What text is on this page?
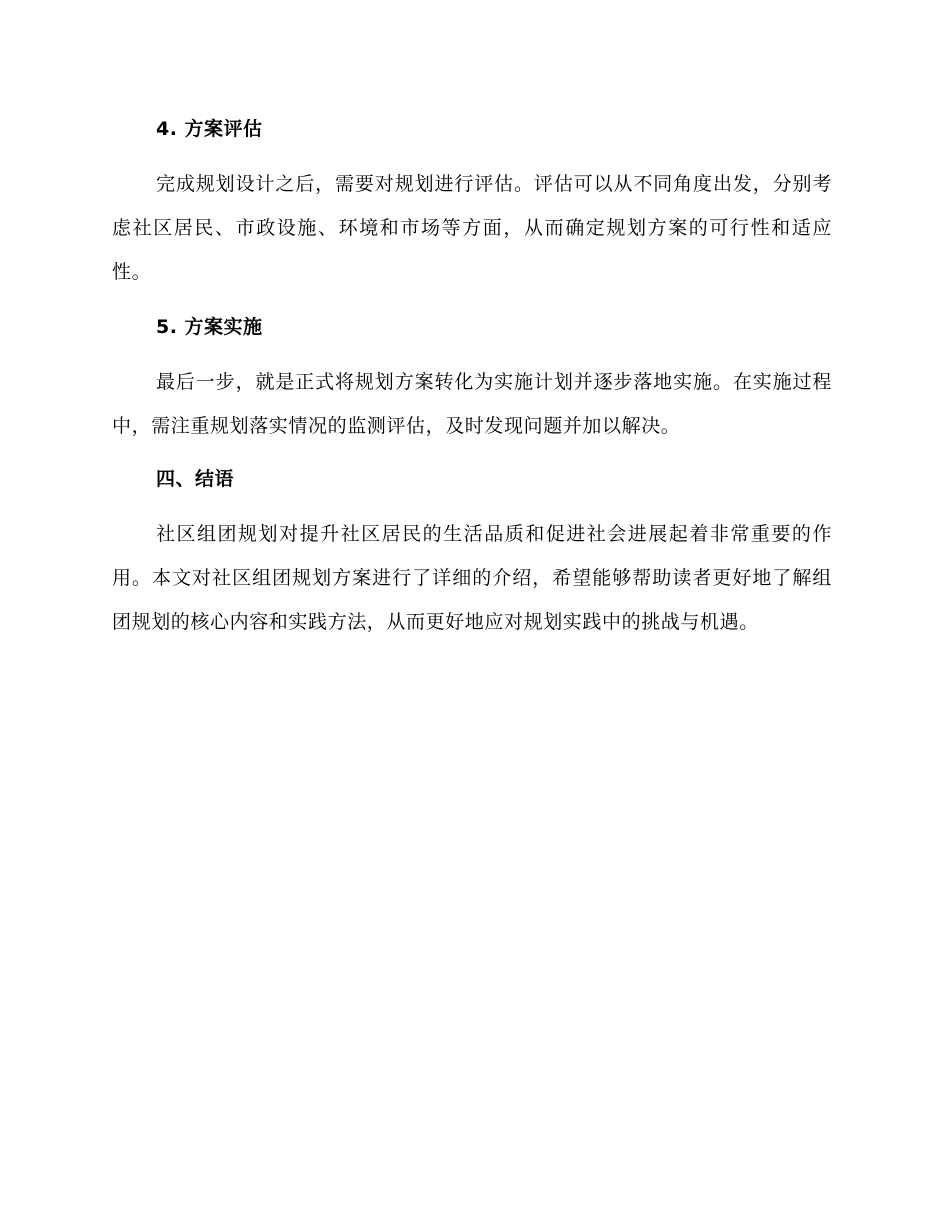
4. 方案评估

完成规划设计之后，需要对规划进行评估。评估可以从不同角度出发，分别考虑社区居民、市政设施、环境和市场等方面，从而确定规划方案的可行性和适应性。

5. 方案实施

最后一步，就是正式将规划方案转化为实施计划并逐步落地实施。在实施过程中，需注重规划落实情况的监测评估，及时发现问题并加以解决。

四、结语

社区组团规划对提升社区居民的生活品质和促进社会进展起着非常重要的作用。本文对社区组团规划方案进行了详细的介绍，希望能够帮助读者更好地了解组团规划的核心内容和实践方法，从而更好地应对规划实践中的挑战与机遇。
